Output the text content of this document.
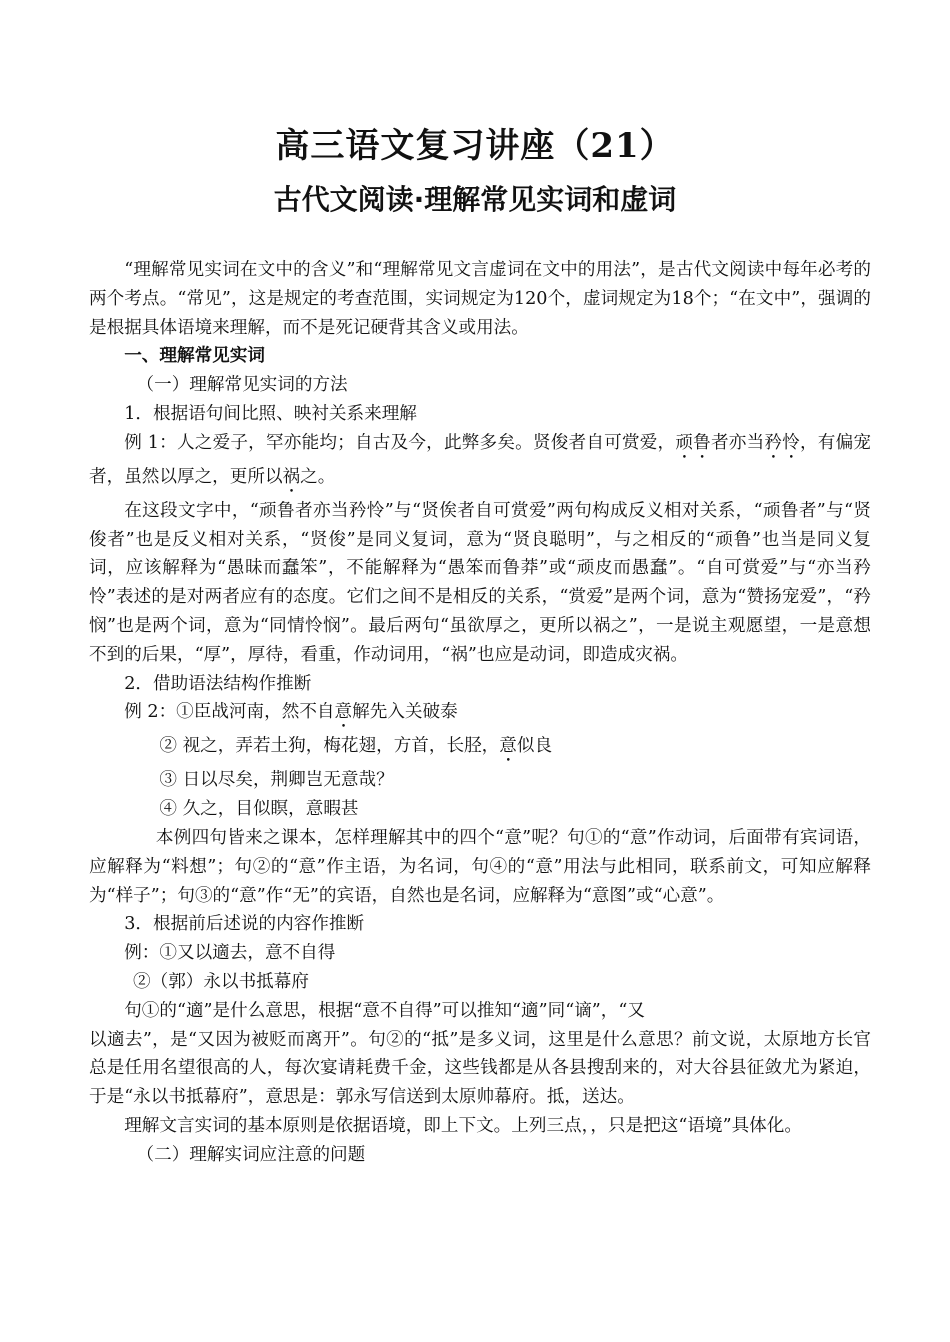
高三语文复习讲座（21）
古代文阅读·理解常见实词和虚词

“理解常见实词在文中的含义”和“理解常见文言虚词在文中的用法”，是古代文阅读中每年必考的两个考点。“常见”，这是规定的考查范围，实词规定为120个，虚词规定为18个；“在文中”，强调的是根据具体语境来理解，而不是死记硬背其含义或用法。

一、理解常见实词

（一）理解常见实词的方法

1．根据语句间比照、映衬关系来理解

例 1：人之爱子，罕亦能均；自古及今，此弊多矣。贤俊者自可赏爱，顽鲁者亦当矜怜，有偏宠者，虽然以厚之，更所以祸之。

在这段文字中，“顽鲁者亦当矜怜”与“贤俟者自可赏爱”两句构成反义相对关系，“顽鲁者”与“贤俊者”也是反义相对关系，“贤俊”是同义复词，意为“贤良聪明”，与之相反的“顽鲁”也当是同义复词，应该解释为“愚昧而蠢笨”，不能解释为“愚笨而鲁莽”或“顽皮而愚蠢”。“自可赏爱”与“亦当矜怜”表述的是对两者应有的态度。它们之间不是相反的关系，“赏爱”是两个词，意为“赞扬宠爱”，“矜悯”也是两个词，意为“同情怜悯”。最后两句“虽欲厚之，更所以祸之”，一是说主观愿望，一是意想不到的后果，“厚”，厚待，看重，作动词用，“祸”也应是动词，即造成灾祸。

2．借助语法结构作推断

例 2：①臣战河南，然不自意解先入关破泰

② 视之，弄若土狗，梅花翅，方首，长胫，意似良

③ 日以尽矣，荆卿岂无意哉？

④ 久之，目似瞑，意暇甚

本例四句皆来之课本，怎样理解其中的四个“意”呢？句①的“意”作动词，后面带有宾词语，应解释为“料想”；句②的“意”作主语，为名词，句④的“意”用法与此相同，联系前文，可知应解释为“样子”；句③的“意”作“无”的宾语，自然也是名词，应解释为“意图”或“心意”。

3．根据前后述说的内容作推断

例：①又以適去，意不自得

②（郭）永以书抵幕府

句①的“適”是什么意思，根据“意不自得”可以推知“適”同“谪”，“又

以適去”，是“又因为被贬而离开”。句②的“抵”是多义词，这里是什么意思？前文说，太原地方长官总是任用名望很高的人，每次宴请耗费千金，这些钱都是从各县搜刮来的，对大谷县征敛尤为紧迫，于是“永以书抵幕府”，意思是：郭永写信送到太原帅幕府。抵，送达。

理解文言实词的基本原则是依据语境，即上下文。上列三点，，只是把这“语境”具体化。

（二）理解实词应注意的问题
